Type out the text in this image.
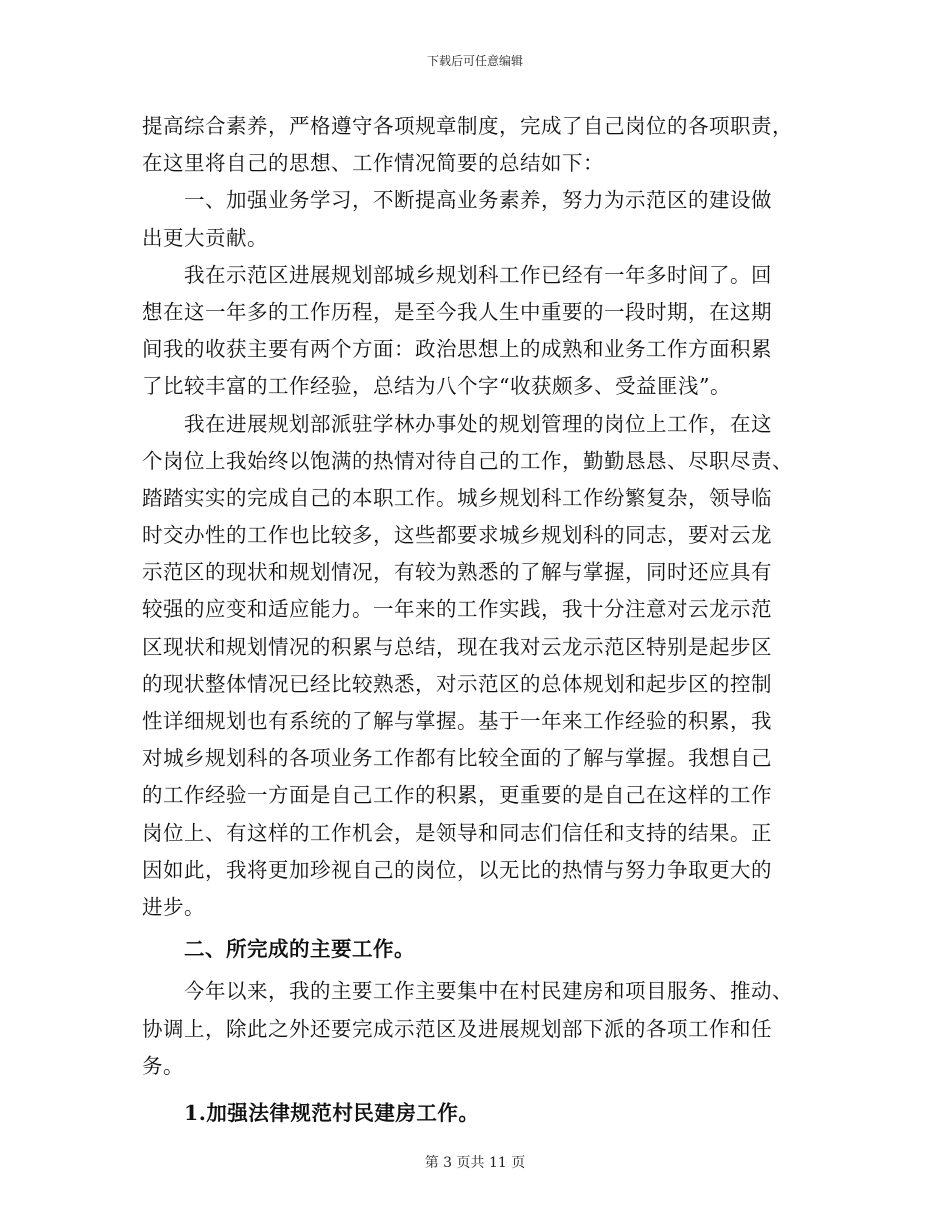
下载后可任意编辑
提高综合素养，严格遵守各项规章制度，完成了自己岗位的各项职责，
在这里将自己的思想、工作情况简要的总结如下：
一、加强业务学习，不断提高业务素养，努力为示范区的建设做
出更大贡献。
我在示范区进展规划部城乡规划科工作已经有一年多时间了。回
想在这一年多的工作历程，是至今我人生中重要的一段时期，在这期
间我的收获主要有两个方面：政治思想上的成熟和业务工作方面积累
了比较丰富的工作经验，总结为八个字“收获颇多、受益匪浅”。
我在进展规划部派驻学林办事处的规划管理的岗位上工作，在这
个岗位上我始终以饱满的热情对待自己的工作，勤勤恳恳、尽职尽责、
踏踏实实的完成自己的本职工作。城乡规划科工作纷繁复杂，领导临
时交办性的工作也比较多，这些都要求城乡规划科的同志，要对云龙
示范区的现状和规划情况，有较为熟悉的了解与掌握，同时还应具有
较强的应变和适应能力。一年来的工作实践，我十分注意对云龙示范
区现状和规划情况的积累与总结，现在我对云龙示范区特别是起步区
的现状整体情况已经比较熟悉，对示范区的总体规划和起步区的控制
性详细规划也有系统的了解与掌握。基于一年来工作经验的积累，我
对城乡规划科的各项业务工作都有比较全面的了解与掌握。我想自己
的工作经验一方面是自己工作的积累，更重要的是自己在这样的工作
岗位上、有这样的工作机会，是领导和同志们信任和支持的结果。正
因如此，我将更加珍视自己的岗位，以无比的热情与努力争取更大的
进步。
二、所完成的主要工作。
今年以来，我的主要工作主要集中在村民建房和项目服务、推动、
协调上，除此之外还要完成示范区及进展规划部下派的各项工作和任
务。
1.加强法律规范村民建房工作。
第 3 页共 11 页
